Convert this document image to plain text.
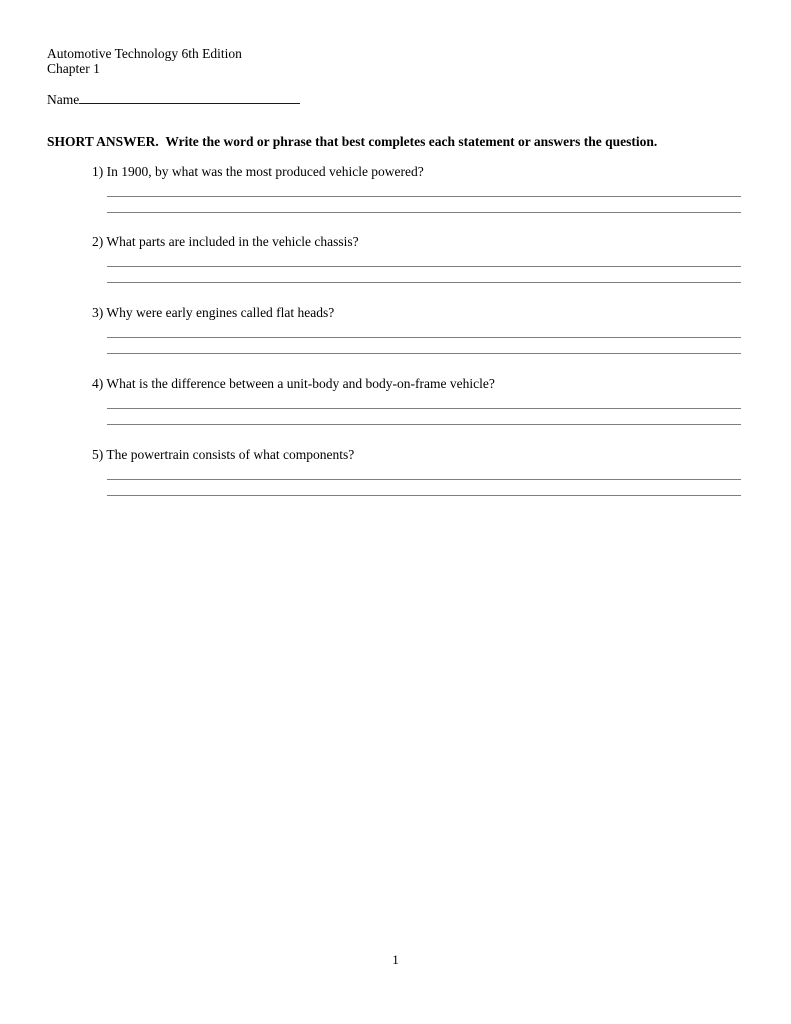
Automotive Technology 6th Edition
Chapter 1
Name
SHORT ANSWER.  Write the word or phrase that best completes each statement or answers the question.
1) In 1900, by what was the most produced vehicle powered?
2) What parts are included in the vehicle chassis?
3) Why were early engines called flat heads?
4) What is the difference between a unit-body and body-on-frame vehicle?
5) The powertrain consists of what components?
1
